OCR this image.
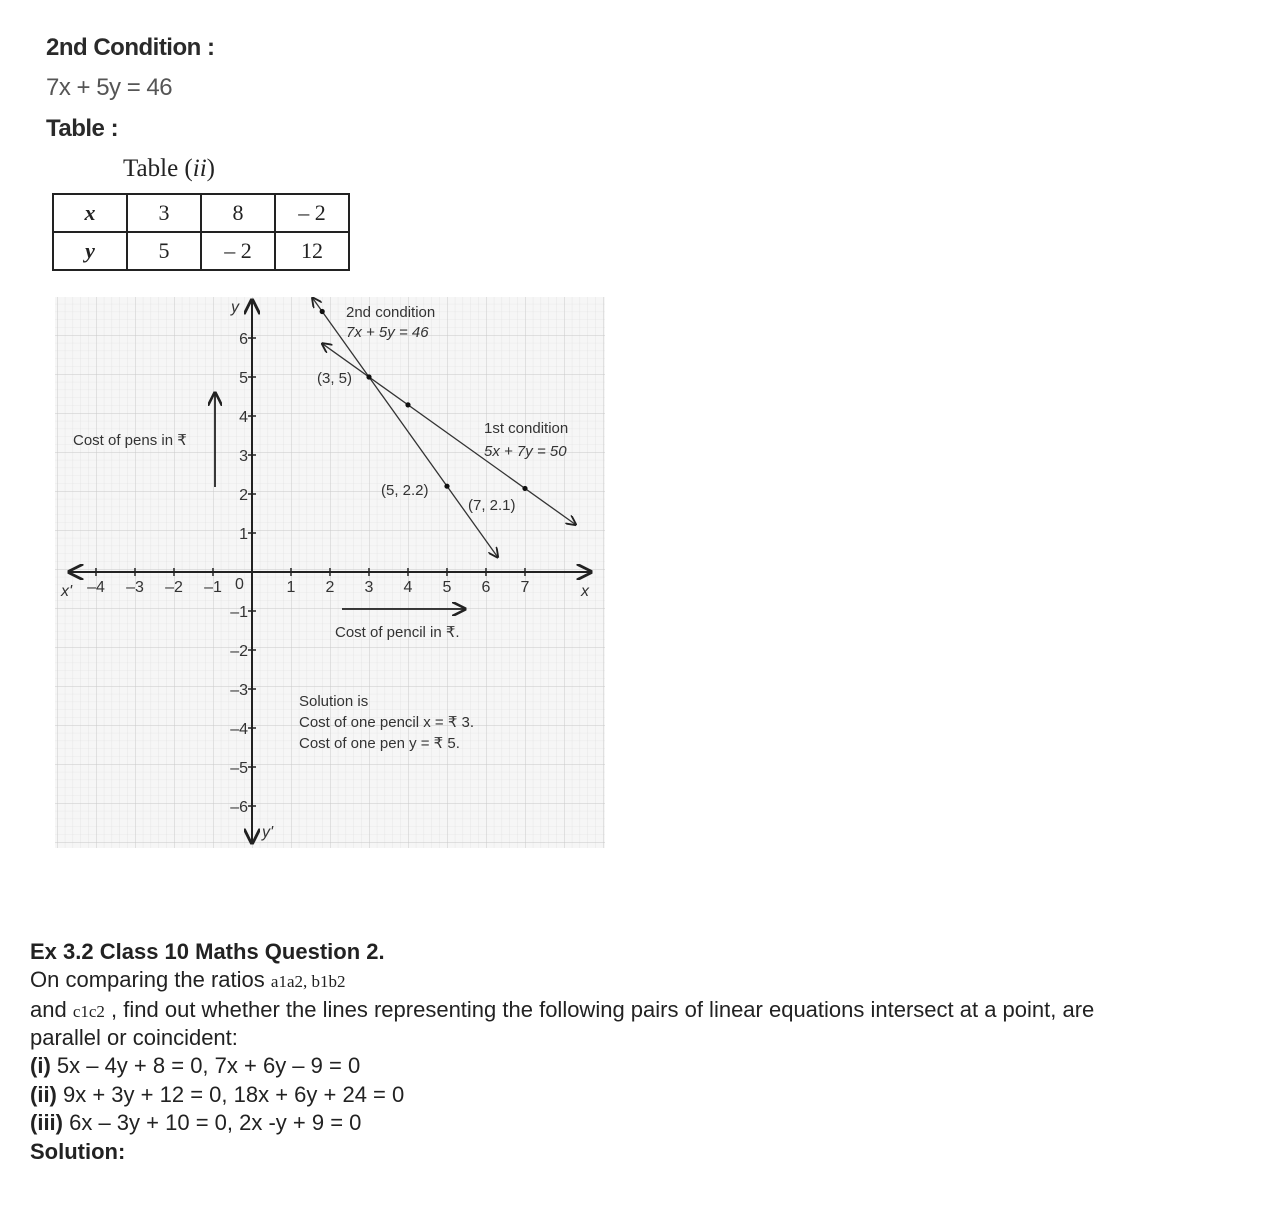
2nd Condition :
7x + 5y = 46
Table :
Table (ii)
x	3	8	– 2
y	5	– 2	12
y
y'
x
x'	0
–4 –3 –2 –1	1 2 3 4 5 6 7
6
5
4
3
2
1
–1
–2
–3
–4
–5
–6
Cost of pens in ₹
Cost of pencil in ₹.
2nd condition
7x + 5y = 46
1st condition
5x + 7y = 50
(3, 5)
(5, 2.2)
(7, 2.1)
Solution is
Cost of one pencil x = ₹ 3.
Cost of one pen y = ₹ 5.
Ex 3.2 Class 10 Maths Question 2.
On comparing the ratios a1a2, b1b2
and c1c2 , find out whether the lines representing the following pairs of linear equations intersect at a point, are
parallel or coincident:
(i) 5x – 4y + 8 = 0, 7x + 6y – 9 = 0
(ii) 9x + 3y + 12 = 0, 18x + 6y + 24 = 0
(iii) 6x – 3y + 10 = 0, 2x -y + 9 = 0
Solution:
